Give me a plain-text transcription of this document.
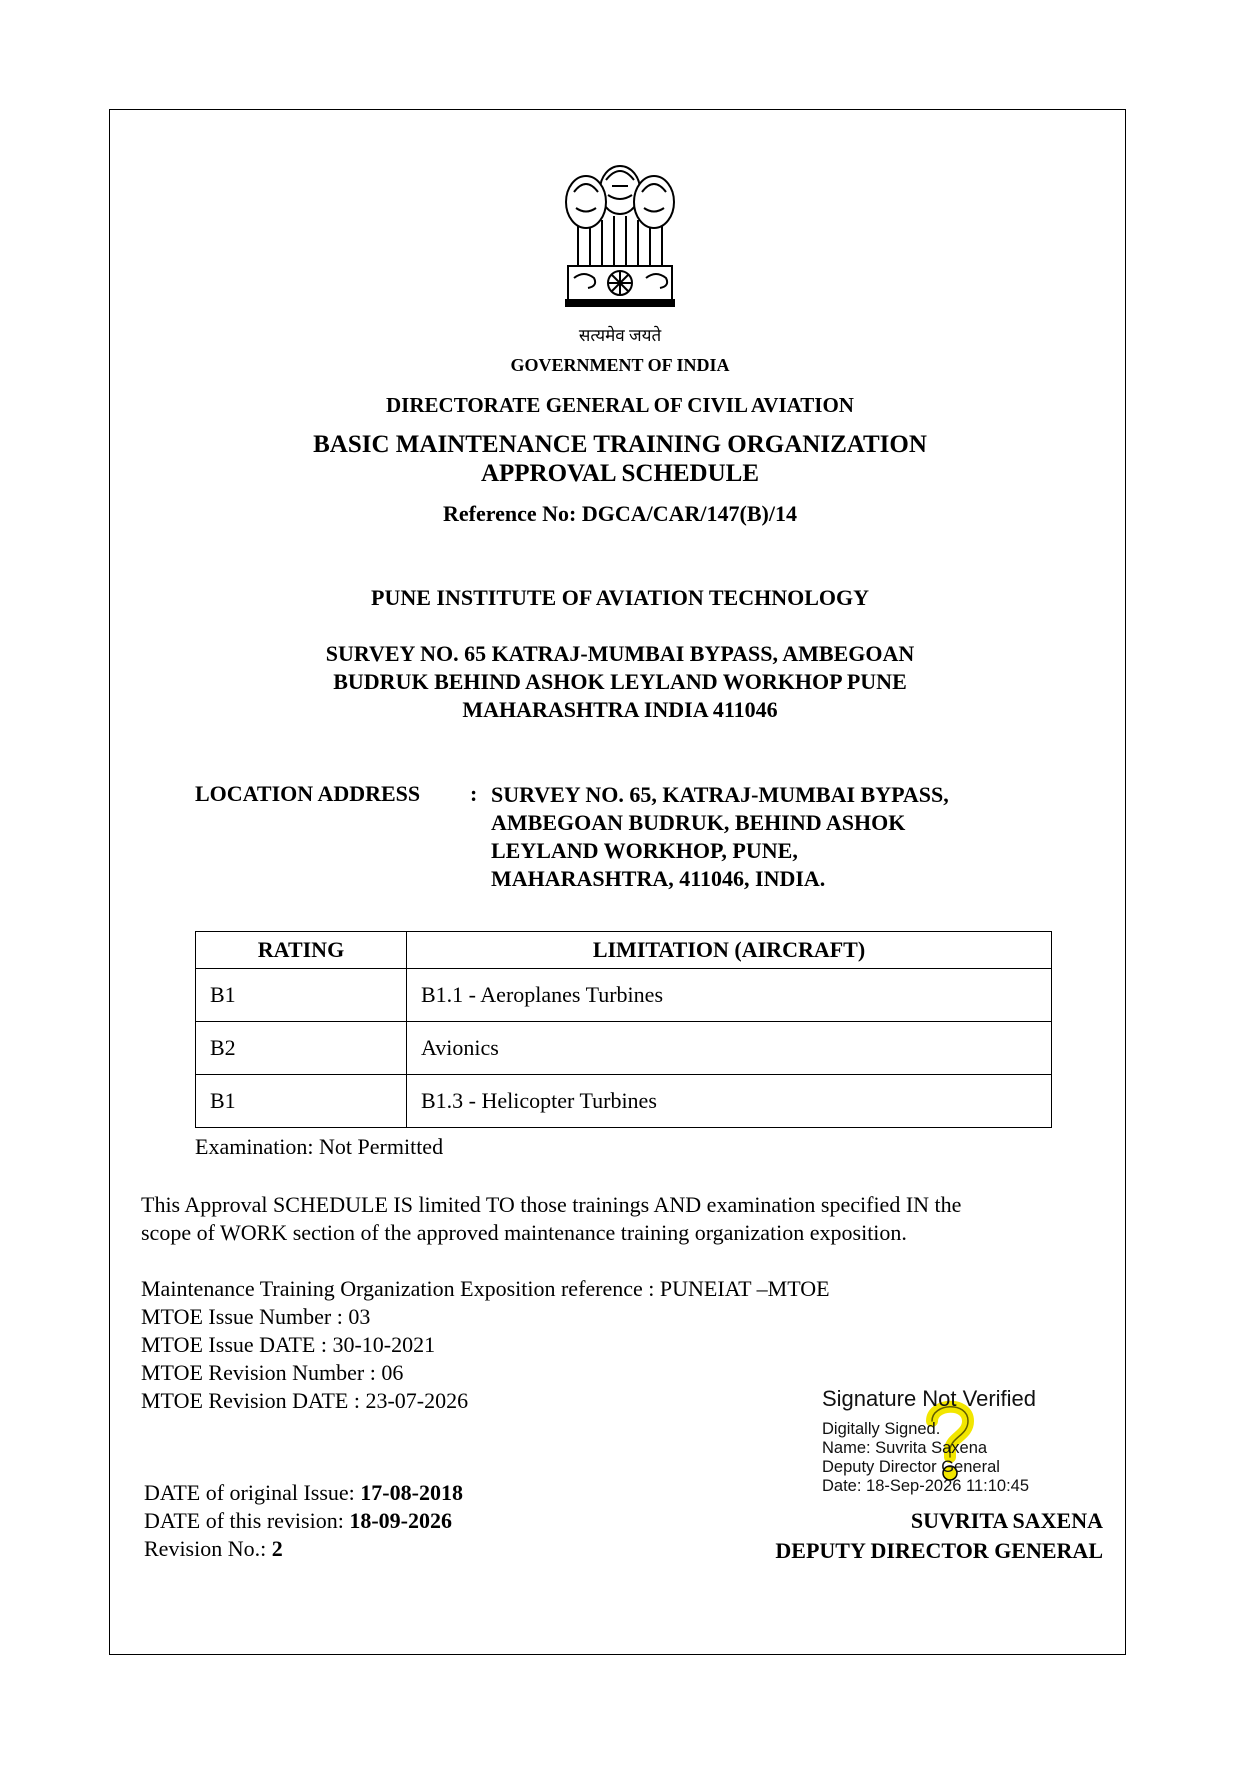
सत्यमेव जयते
GOVERNMENT OF INDIA
DIRECTORATE GENERAL OF CIVIL AVIATION
BASIC MAINTENANCE TRAINING ORGANIZATION
APPROVAL SCHEDULE
Reference No: DGCA/CAR/147(B)/14
PUNE INSTITUTE OF AVIATION TECHNOLOGY
SURVEY NO. 65 KATRAJ-MUMBAI BYPASS, AMBEGOAN
BUDRUK BEHIND ASHOK LEYLAND WORKHOP PUNE
MAHARASHTRA INDIA 411046
LOCATION ADDRESS : SURVEY NO. 65, KATRAJ-MUMBAI BYPASS,
AMBEGOAN BUDRUK, BEHIND ASHOK
LEYLAND WORKHOP, PUNE,
MAHARASHTRA, 411046, INDIA.
RATING	LIMITATION (AIRCRAFT)
B1	B1.1 - Aeroplanes Turbines
B2	Avionics
B1	B1.3 - Helicopter Turbines
Examination: Not Permitted
This Approval SCHEDULE IS limited TO those trainings AND examination specified IN the
scope of WORK section of the approved maintenance training organization exposition.
Maintenance Training Organization Exposition reference : PUNEIAT –MTOE
MTOE Issue Number : 03
MTOE Issue DATE : 30-10-2021
MTOE Revision Number : 06
MTOE Revision DATE : 23-07-2026	Signature Not Verified
Digitally Signed.
Name: Suvrita Saxena
Deputy Director General
Date: 18-Sep-2026 11:10:45
DATE of original Issue: 17-08-2018
DATE of this revision: 18-09-2026
Revision No.: 2
SUVRITA SAXENA
DEPUTY DIRECTOR GENERAL
